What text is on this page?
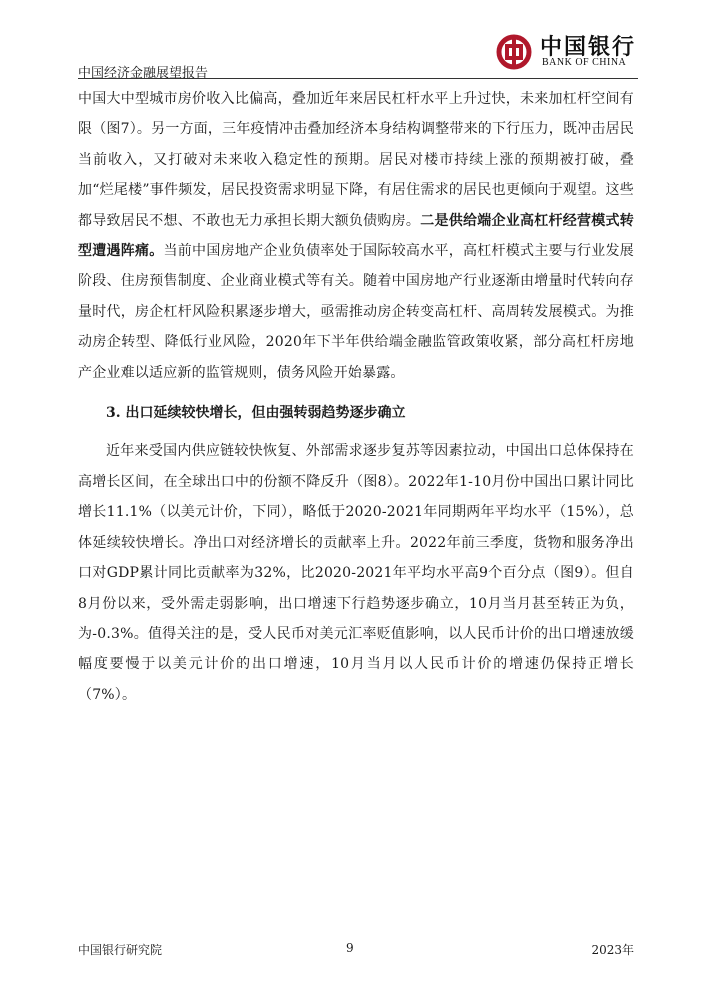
中国银行
BANK OF CHINA
中国经济金融展望报告

中国大中型城市房价收入比偏高，叠加近年来居民杠杆水平上升过快，未来加杠杆空间有限（图7）。另一方面，三年疫情冲击叠加经济本身结构调整带来的下行压力，既冲击居民当前收入，又打破对未来收入稳定性的预期。居民对楼市持续上涨的预期被打破，叠加“烂尾楼”事件频发，居民投资需求明显下降，有居住需求的居民也更倾向于观望。这些都导致居民不想、不敢也无力承担长期大额负债购房。二是供给端企业高杠杆经营模式转型遭遇阵痛。当前中国房地产企业负债率处于国际较高水平，高杠杆模式主要与行业发展阶段、住房预售制度、企业商业模式等有关。随着中国房地产行业逐渐由增量时代转向存量时代，房企杠杆风险积累逐步增大，亟需推动房企转变高杠杆、高周转发展模式。为推动房企转型、降低行业风险，2020年下半年供给端金融监管政策收紧，部分高杠杆房地产企业难以适应新的监管规则，债务风险开始暴露。

3. 出口延续较快增长，但由强转弱趋势逐步确立

近年来受国内供应链较快恢复、外部需求逐步复苏等因素拉动，中国出口总体保持在高增长区间，在全球出口中的份额不降反升（图8）。2022年1-10月份中国出口累计同比增长11.1%（以美元计价，下同），略低于2020-2021年同期两年平均水平（15%），总体延续较快增长。净出口对经济增长的贡献率上升。2022年前三季度，货物和服务净出口对GDP累计同比贡献率为32%，比2020-2021年平均水平高9个百分点（图9）。但自8月份以来，受外需走弱影响，出口增速下行趋势逐步确立，10月当月甚至转正为负，为-0.3%。值得关注的是，受人民币对美元汇率贬值影响，以人民币计价的出口增速放缓幅度要慢于以美元计价的出口增速，10月当月以人民币计价的增速仍保持正增长（7%）。

中国银行研究院	9	2023年
